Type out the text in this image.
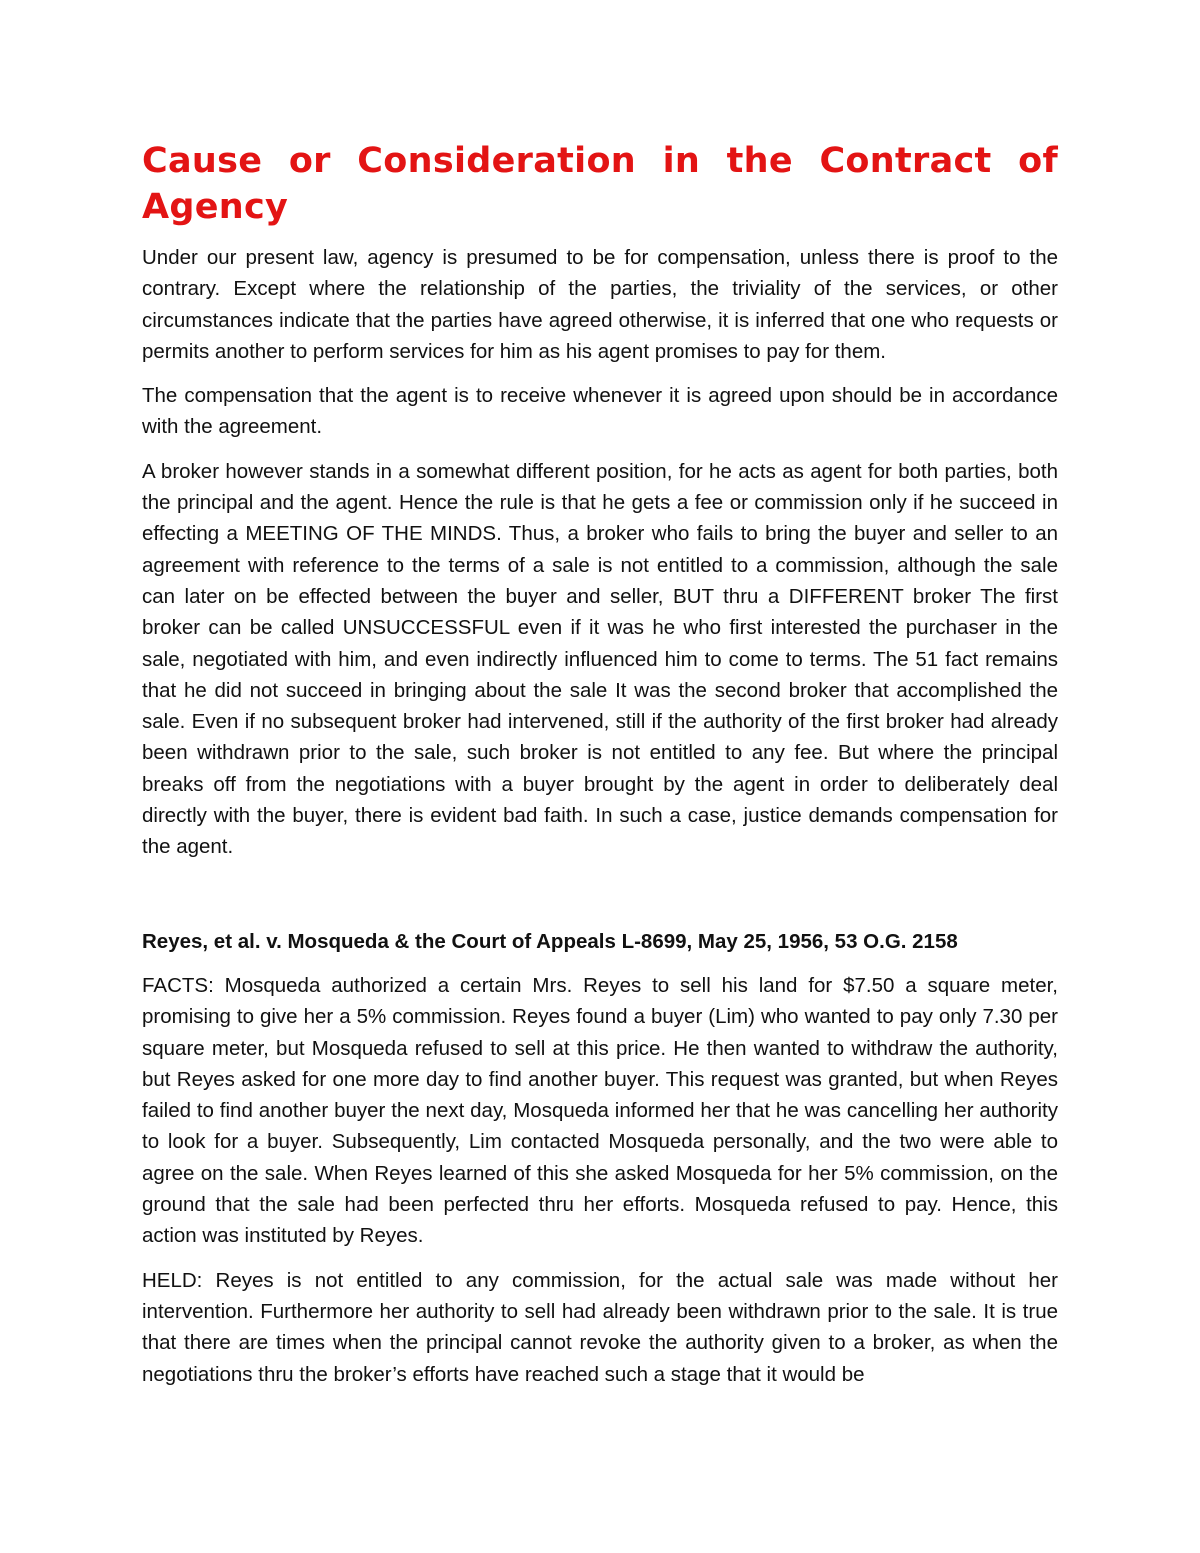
Cause or Consideration in the Contract of Agency

Under our present law, agency is presumed to be for compensation, unless there is proof to the contrary. Except where the relationship of the parties, the triviality of the services, or other circumstances indicate that the parties have agreed otherwise, it is inferred that one who requests or permits another to perform services for him as his agent promises to pay for them.

The compensation that the agent is to receive whenever it is agreed upon should be in accordance with the agreement.

A broker however stands in a somewhat different position, for he acts as agent for both parties, both the principal and the agent. Hence the rule is that he gets a fee or commission only if he succeed in effecting a MEETING OF THE MINDS. Thus, a broker who fails to bring the buyer and seller to an agreement with reference to the terms of a sale is not entitled to a commission, although the sale can later on be effected between the buyer and seller, BUT thru a DIFFERENT broker The first broker can be called UNSUCCESSFUL even if it was he who first interested the purchaser in the sale, negotiated with him, and even indirectly influenced him to come to terms. The 51 fact remains that he did not succeed in bringing about the sale It was the second broker that accomplished the sale. Even if no subsequent broker had intervened, still if the authority of the first broker had already been withdrawn prior to the sale, such broker is not entitled to any fee. But where the principal breaks off from the negotiations with a buyer brought by the agent in order to deliberately deal directly with the buyer, there is evident bad faith. In such a case, justice demands compensation for the agent.

Reyes, et al. v. Mosqueda & the Court of Appeals L-8699, May 25, 1956, 53 O.G. 2158

FACTS: Mosqueda authorized a certain Mrs. Reyes to sell his land for $7.50 a square meter, promising to give her a 5% commission. Reyes found a buyer (Lim) who wanted to pay only 7.30 per square meter, but Mosqueda refused to sell at this price. He then wanted to withdraw the authority, but Reyes asked for one more day to find another buyer. This request was granted, but when Reyes failed to find another buyer the next day, Mosqueda informed her that he was cancelling her authority to look for a buyer. Subsequently, Lim contacted Mosqueda personally, and the two were able to agree on the sale. When Reyes learned of this she asked Mosqueda for her 5% commission, on the ground that the sale had been perfected thru her efforts. Mosqueda refused to pay. Hence, this action was instituted by Reyes.

HELD: Reyes is not entitled to any commission, for the actual sale was made without her intervention. Furthermore her authority to sell had already been withdrawn prior to the sale. It is true that there are times when the principal cannot revoke the authority given to a broker, as when the negotiations thru the broker’s efforts have reached such a stage that it would be
